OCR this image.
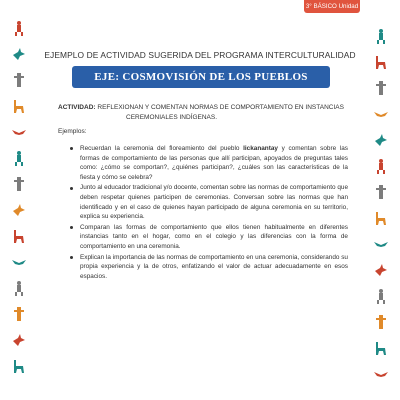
3° BÁSICO Unidad 2
EJEMPLO DE ACTIVIDAD SUGERIDA DEL PROGRAMA INTERCULTURALIDAD
EJE: COSMOVISIÓN DE LOS PUEBLOS ORIGINARIOS
ACTIVIDAD: REFLEXIONAN Y COMENTAN NORMAS DE COMPORTAMIENTO EN INSTANCIAS
CEREMONIALES INDÍGENAS.
Ejemplos:
Recuerdan la ceremonia del floreamiento del pueblo lickanantay y comentan sobre las formas de comportamiento de las personas que allí participan, apoyados de preguntas tales como: ¿cómo se comportan?, ¿quiénes participan?, ¿cuáles son las características de la fiesta y cómo se celebra?
Junto al educador tradicional y/o docente, comentan sobre las normas de comportamiento que deben respetar quienes participen de ceremonias. Conversan sobre las normas que han identificado y en el caso de quienes hayan participado de alguna ceremonia en su territorio, explica su experiencia.
Comparan las formas de comportamiento que ellos tienen habitualmente en diferentes instancias tanto en el hogar, como en el colegio y las diferencias con la forma de comportamiento en una ceremonia.
Explican la importancia de las normas de comportamiento en una ceremonia, considerando su propia experiencia y la de otros, enfatizando el valor de actuar adecuadamente en esos espacios.
